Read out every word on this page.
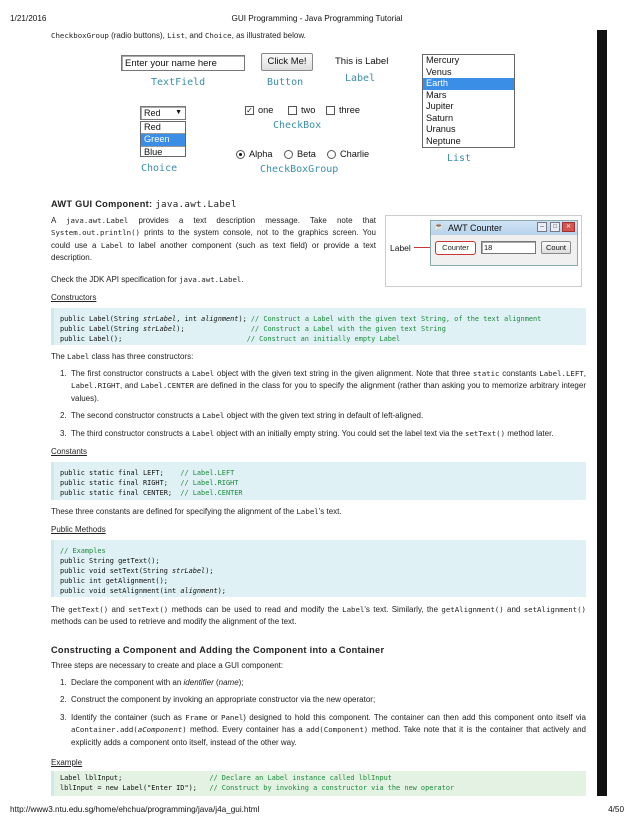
1/21/2016	GUI Programming - Java Programming Tutorial
CheckboxGroup (radio buttons), List, and Choice, as illustrated below.
Enter your name here
TextField
Click Me!
Button
This is Label
Label
Mercury
Venus
Earth
Mars
Jupiter
Saturn
Uranus
Neptune
List
Red ▼
Red
Green
Blue
Choice
✓ one	two	three
CheckBox
Alpha	Beta	Charlie
CheckBoxGroup
AWT GUI Component: java.awt.Label
A java.awt.Label provides a text description message. Take note that System.out.println() prints to the system console, not to the graphics screen. You could use a Label to label another component (such as text field) or provide a text description.
Check the JDK API specification for java.awt.Label.
Label
☕ AWT Counter	–	□	✕
Counter	18	Count
Constructors
public Label(String strLabel, int alignment); // Construct a Label with the given text String, of the text alignment
public Label(String strLabel);                // Construct a Label with the given text String
public Label();                              // Construct an initially empty Label
The Label class has three constructors:
1. The first constructor constructs a Label object with the given text string in the given alignment. Note that three static constants Label.LEFT, Label.RIGHT, and Label.CENTER are defined in the class for you to specify the alignment (rather than asking you to memorize arbitrary integer values).
2. The second constructor constructs a Label object with the given text string in default of left-aligned.
3. The third constructor constructs a Label object with an initially empty string. You could set the label text via the setText() method later.
Constants
public static final LEFT;    // Label.LEFT
public static final RIGHT;   // Label.RIGHT
public static final CENTER;  // Label.CENTER
These three constants are defined for specifying the alignment of the Label's text.
Public Methods
// Examples
public String getText();
public void setText(String strLabel);
public int getAlignment();
public void setAlignment(int alignment);
The getText() and setText() methods can be used to read and modify the Label's text. Similarly, the getAlignment() and setAlignment() methods can be used to retrieve and modify the alignment of the text.
Constructing a Component and Adding the Component into a Container
Three steps are necessary to create and place a GUI component:
1. Declare the component with an identifier (name);
2. Construct the component by invoking an appropriate constructor via the new operator;
3. Identify the container (such as Frame or Panel) designed to hold this component. The container can then add this component onto itself via aContainer.add(aComponent) method. Every container has a add(Component) method. Take note that it is the container that actively and explicitly adds a component onto itself, instead of the other way.
Example
Label lblInput;                     // Declare an Label instance called lblInput
lblInput = new Label("Enter ID");   // Construct by invoking a constructor via the new operator
http://www3.ntu.edu.sg/home/ehchua/programming/java/j4a_gui.html	4/50
